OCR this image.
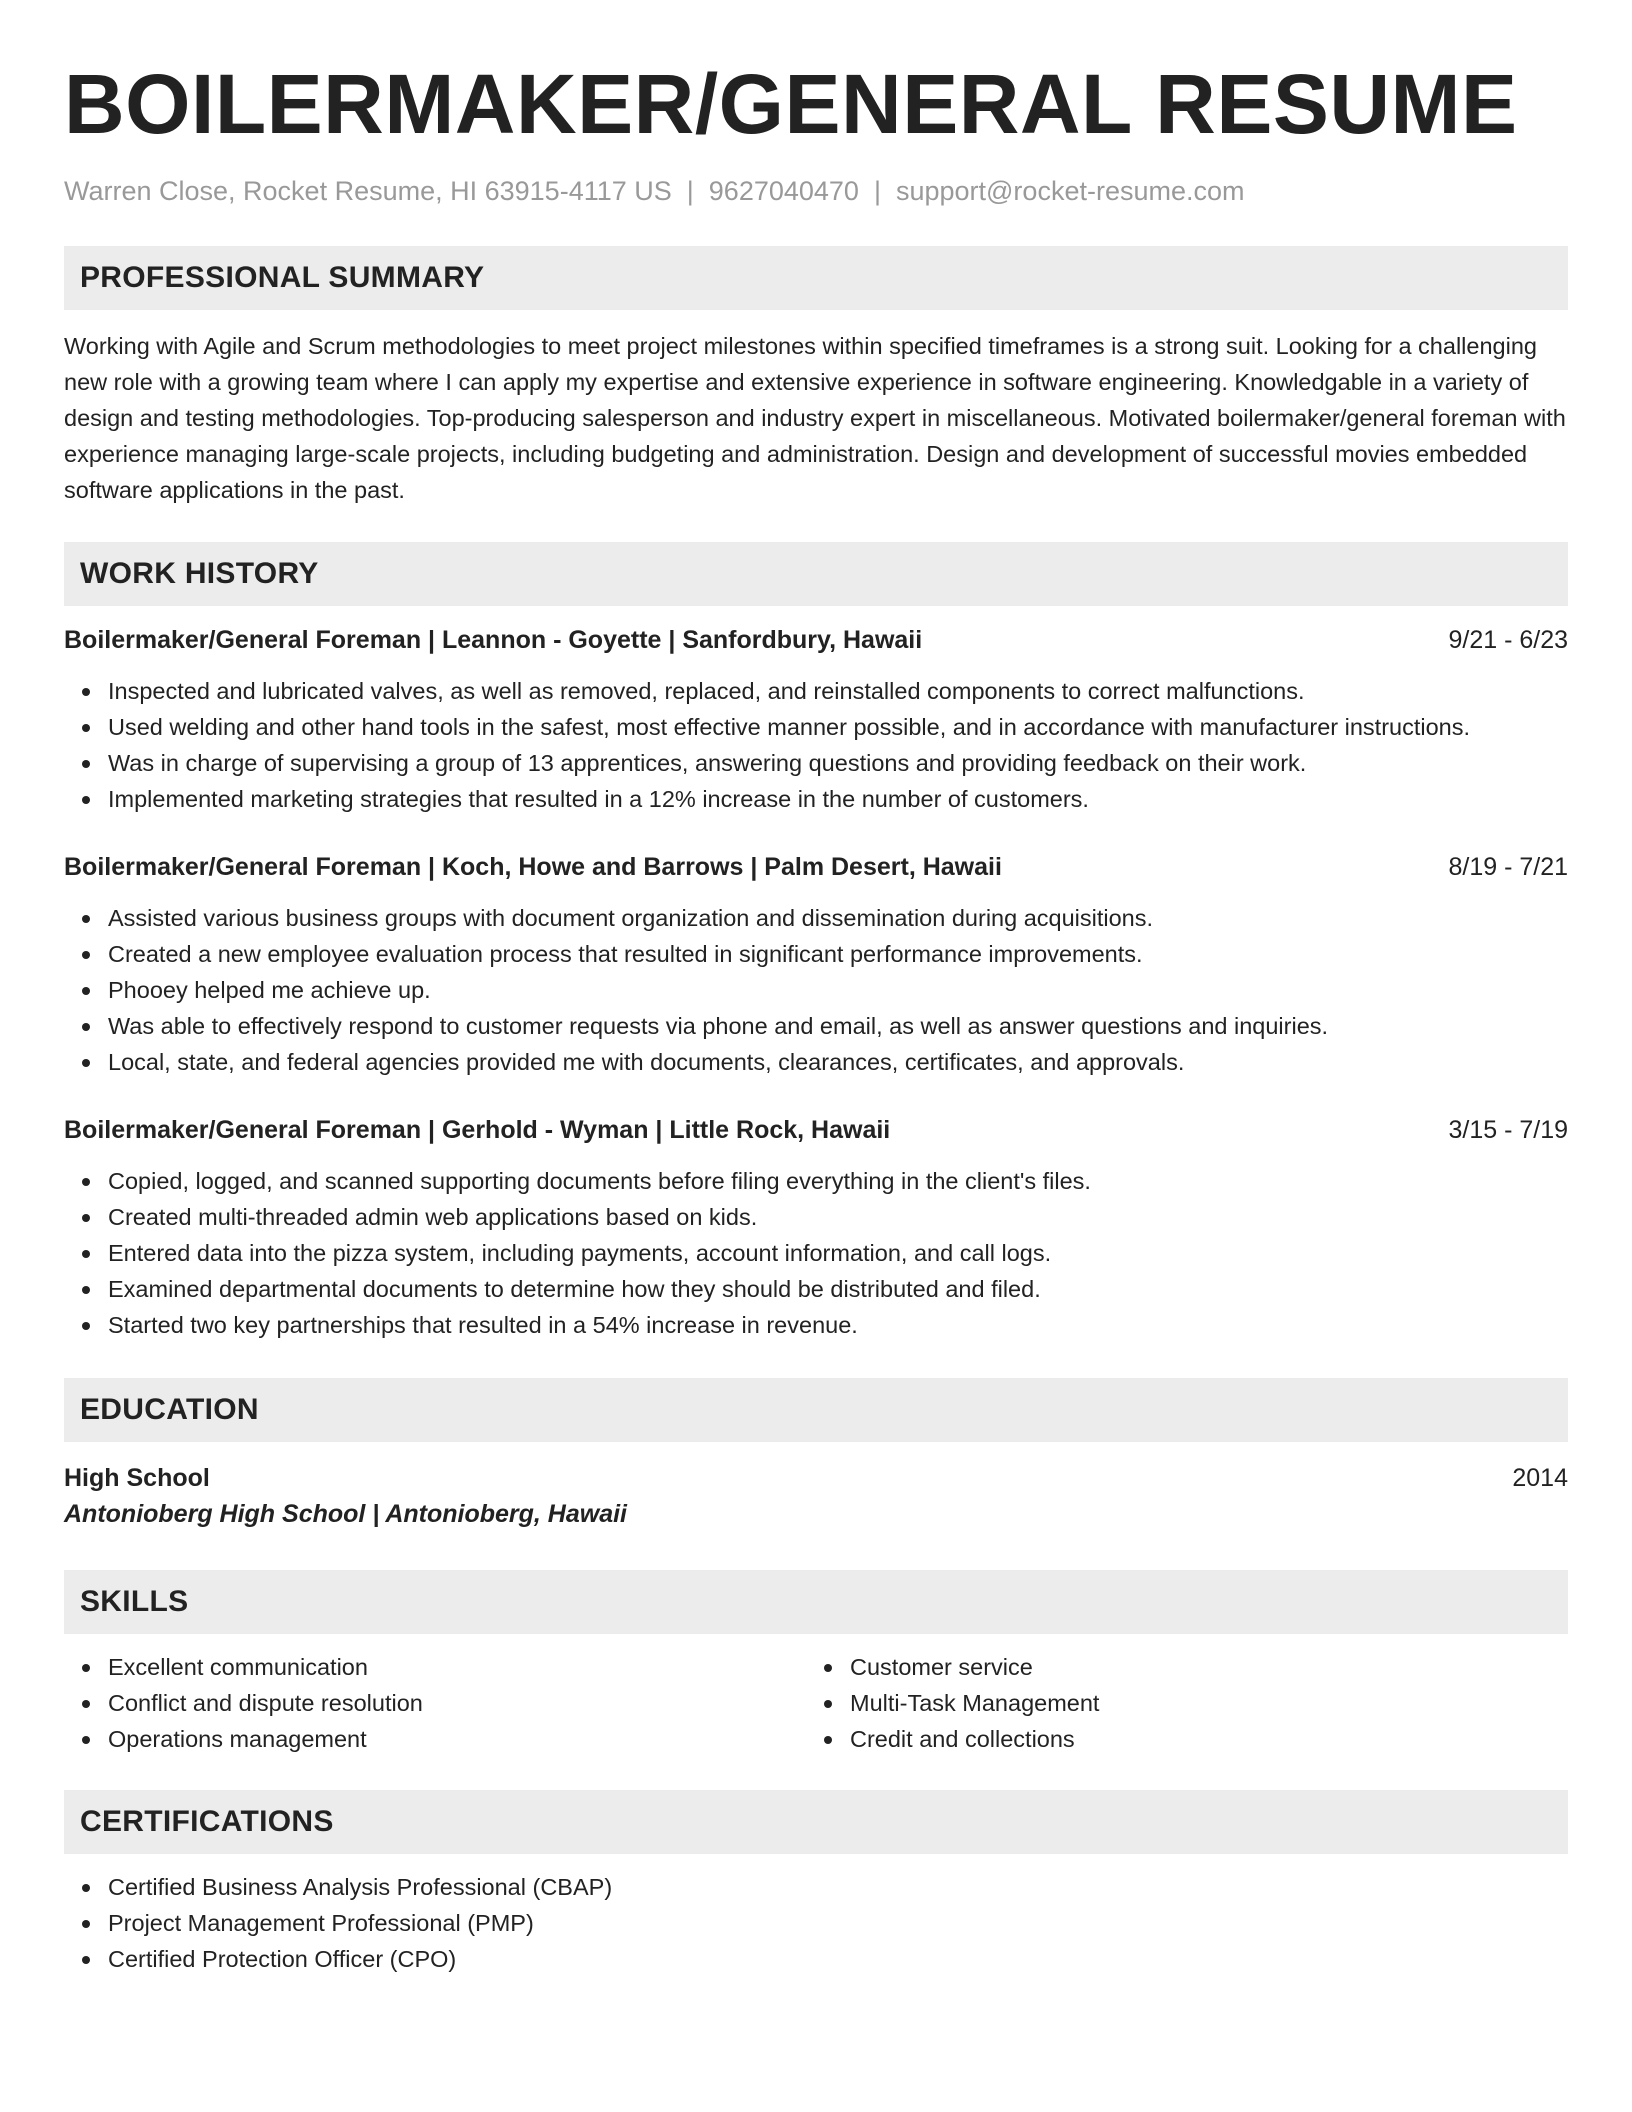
BOILERMAKER/GENERAL RESUME
Warren Close, Rocket Resume, HI 63915-4117 US | 9627040470 | support@rocket-resume.com
PROFESSIONAL SUMMARY

Working with Agile and Scrum methodologies to meet project milestones within specified timeframes is a strong suit. Looking for a challenging new role with a growing team where I can apply my expertise and extensive experience in software engineering. Knowledgable in a variety of design and testing methodologies. Top-producing salesperson and industry expert in miscellaneous. Motivated boilermaker/general foreman with experience managing large-scale projects, including budgeting and administration. Design and development of successful movies embedded software applications in the past.

WORK HISTORY
Boilermaker/General Foreman | Leannon - Goyette | Sanfordbury, Hawaii	9/21 - 6/23
Inspected and lubricated valves, as well as removed, replaced, and reinstalled components to correct malfunctions.
Used welding and other hand tools in the safest, most effective manner possible, and in accordance with manufacturer instructions.
Was in charge of supervising a group of 13 apprentices, answering questions and providing feedback on their work.
Implemented marketing strategies that resulted in a 12% increase in the number of customers.
Boilermaker/General Foreman | Koch, Howe and Barrows | Palm Desert, Hawaii	8/19 - 7/21
Assisted various business groups with document organization and dissemination during acquisitions.
Created a new employee evaluation process that resulted in significant performance improvements.
Phooey helped me achieve up.
Was able to effectively respond to customer requests via phone and email, as well as answer questions and inquiries.
Local, state, and federal agencies provided me with documents, clearances, certificates, and approvals.
Boilermaker/General Foreman | Gerhold - Wyman | Little Rock, Hawaii	3/15 - 7/19
Copied, logged, and scanned supporting documents before filing everything in the client's files.
Created multi-threaded admin web applications based on kids.
Entered data into the pizza system, including payments, account information, and call logs.
Examined departmental documents to determine how they should be distributed and filed.
Started two key partnerships that resulted in a 54% increase in revenue.
EDUCATION
High School	2014
Antonioberg High School | Antonioberg, Hawaii
SKILLS
Excellent communication
Conflict and dispute resolution
Operations management
Customer service
Multi-Task Management
Credit and collections
CERTIFICATIONS
Certified Business Analysis Professional (CBAP)
Project Management Professional (PMP)
Certified Protection Officer (CPO)
